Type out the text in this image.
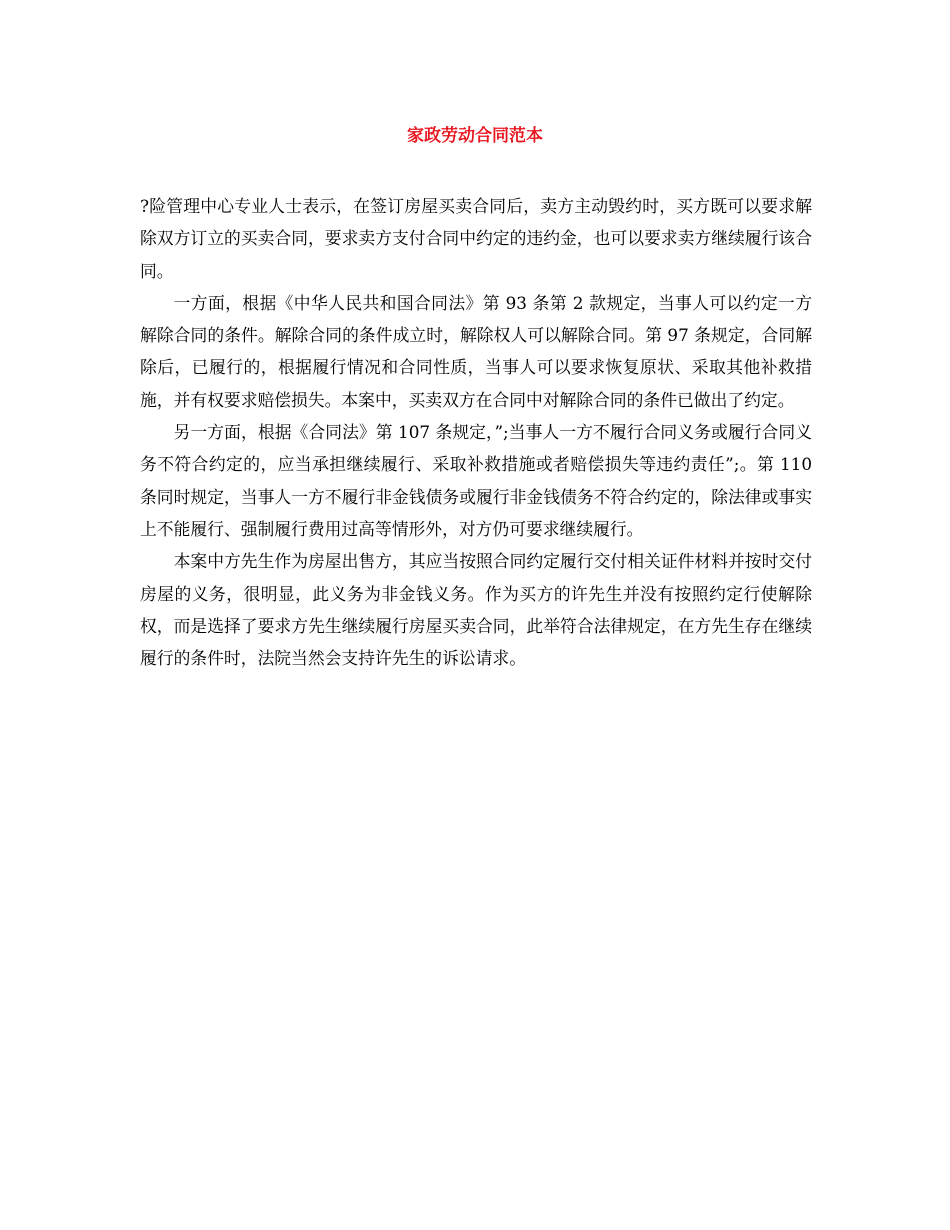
家政劳动合同范本

?险管理中心专业人士表示，在签订房屋买卖合同后，卖方主动毁约时，买方既可以要求解除双方订立的买卖合同，要求卖方支付合同中约定的违约金，也可以要求卖方继续履行该合同。

一方面，根据《中华人民共和国合同法》第 93 条第 2 款规定，当事人可以约定一方解除合同的条件。解除合同的条件成立时，解除权人可以解除合同。第 97 条规定，合同解除后，已履行的，根据履行情况和合同性质，当事人可以要求恢复原状、采取其他补救措施，并有权要求赔偿损失。本案中，买卖双方在合同中对解除合同的条件已做出了约定。

另一方面，根据《合同法》第 107 条规定，”;当事人一方不履行合同义务或履行合同义务不符合约定的，应当承担继续履行、采取补救措施或者赔偿损失等违约责任”;。第 110 条同时规定，当事人一方不履行非金钱债务或履行非金钱债务不符合约定的，除法律或事实上不能履行、强制履行费用过高等情形外，对方仍可要求继续履行。

本案中方先生作为房屋出售方，其应当按照合同约定履行交付相关证件材料并按时交付房屋的义务，很明显，此义务为非金钱义务。作为买方的许先生并没有按照约定行使解除权，而是选择了要求方先生继续履行房屋买卖合同，此举符合法律规定，在方先生存在继续履行的条件时，法院当然会支持许先生的诉讼请求。
